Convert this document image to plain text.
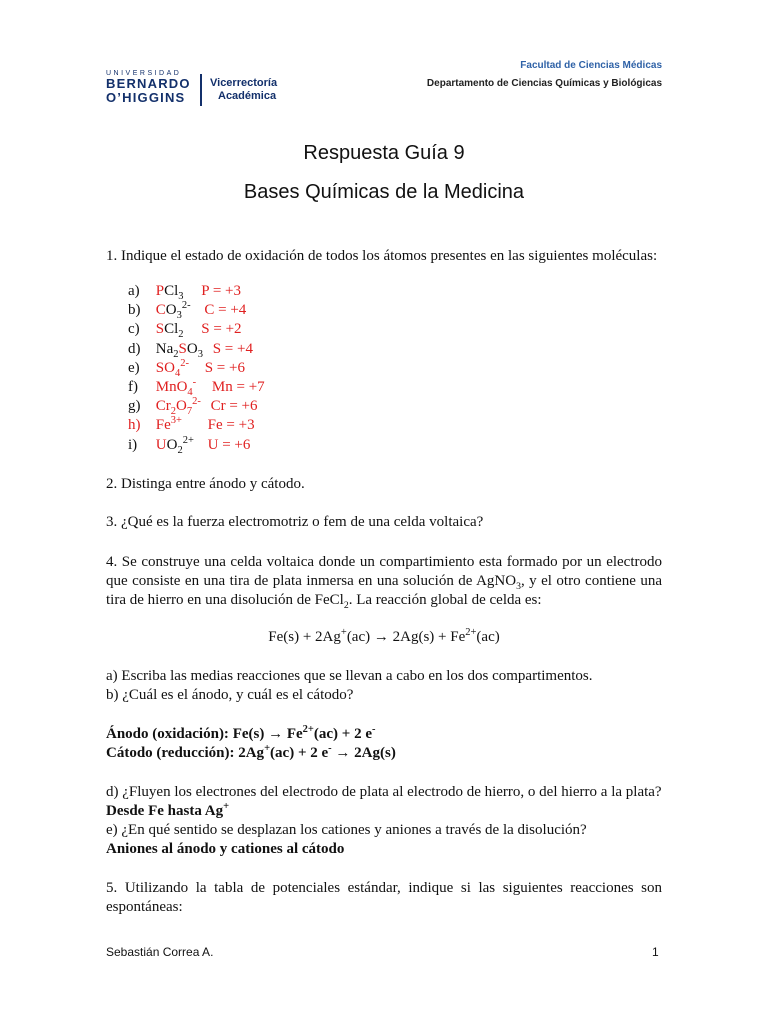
UNIVERSIDAD
BERNARDO
O’HIGGINS
Vicerrectoría
Académica
Facultad de Ciencias Médicas
Departamento de Ciencias Químicas y Biológicas
Respuesta Guía 9
Bases Químicas de la Medicina
1. Indique el estado de oxidación de todos los átomos presentes en las siguientes moléculas:
a) PCl$_3$ P = +3
b) $CO_3^{2-}$ C = +4
c) SCl$_2$ S = +2
d) $Na_2SO_3$ S = +4
e) $SO_4^{2-}$ S = +6
f) MnO$_4$- Mn = +7
g) $Cr_2O_7^{2-}$ Cr = +6
h) $Fe^{3+}$ Fe = +3
i) $UO_2^{2+}$ U = +6
2. Distinga entre ánodo y cátodo.
3. ¿Qué es la fuerza electromotriz o fem de una celda voltaica?
4. Se construye una celda voltaica donde un compartimiento esta formado por un electrodo que consiste en una tira de plata inmersa en una solución de AgNO$_3$, y el otro contiene una tira de hierro en una disolución de FeCl$_2$. La reacción global de celda es:
$Fe(s) + 2Ag^+(ac) \to 2Ag(s) + Fe^{2+}(ac)$
a) Escriba las medias reacciones que se llevan a cabo en los dos compartimentos.
b) ¿Cuál es el ánodo, y cuál es el cátodo?
Ánodo (oxidación): $Fe(s) \to Fe^{2+}(ac) + 2$ e-
Cátodo (reducción): 2Ag+(ac) + 2 e- → 2Ag(s)
d) ¿Fluyen los electrones del electrodo de plata al electrodo de hierro, o del hierro a la plata?
Desde Fe hasta Ag+
e) ¿En qué sentido se desplazan los cationes y aniones a través de la disolución?
Aniones al ánodo y cationes al cátodo
5. Utilizando la tabla de potenciales estándar, indique si las siguientes reacciones son espontáneas:
Sebastián Correa A.	1
